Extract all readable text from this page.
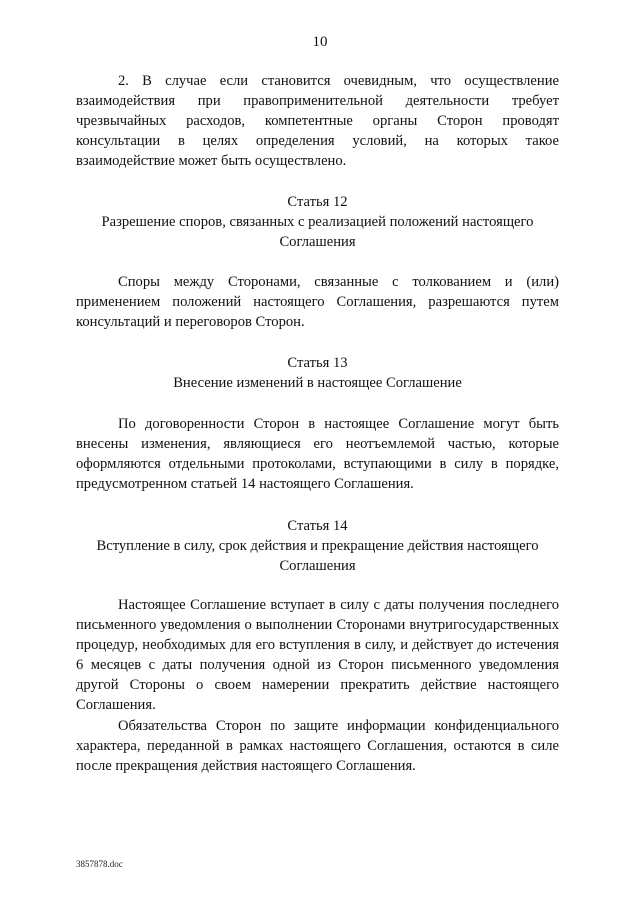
10

2. В случае если становится очевидным, что осуществление взаимодействия при правоприменительной деятельности требует чрезвычайных расходов, компетентные органы Сторон проводят консультации в целях определения условий, на которых такое взаимодействие может быть осуществлено.

Статья 12
Разрешение споров, связанных с реализацией положений настоящего Соглашения

Споры между Сторонами, связанные с толкованием и (или) применением положений настоящего Соглашения, разрешаются путем консультаций и переговоров Сторон.

Статья 13
Внесение изменений в настоящее Соглашение

По договоренности Сторон в настоящее Соглашение могут быть внесены изменения, являющиеся его неотъемлемой частью, которые оформляются отдельными протоколами, вступающими в силу в порядке, предусмотренном статьей 14 настоящего Соглашения.

Статья 14
Вступление в силу, срок действия и прекращение действия настоящего Соглашения

Настоящее Соглашение вступает в силу с даты получения последнего письменного уведомления о выполнении Сторонами внутригосударственных процедур, необходимых для его вступления в силу, и действует до истечения 6 месяцев с даты получения одной из Сторон письменного уведомления другой Стороны о своем намерении прекратить действие настоящего Соглашения.

Обязательства Сторон по защите информации конфиденциального характера, переданной в рамках настоящего Соглашения, остаются в силе после прекращения действия настоящего Соглашения.

3857878.doc
